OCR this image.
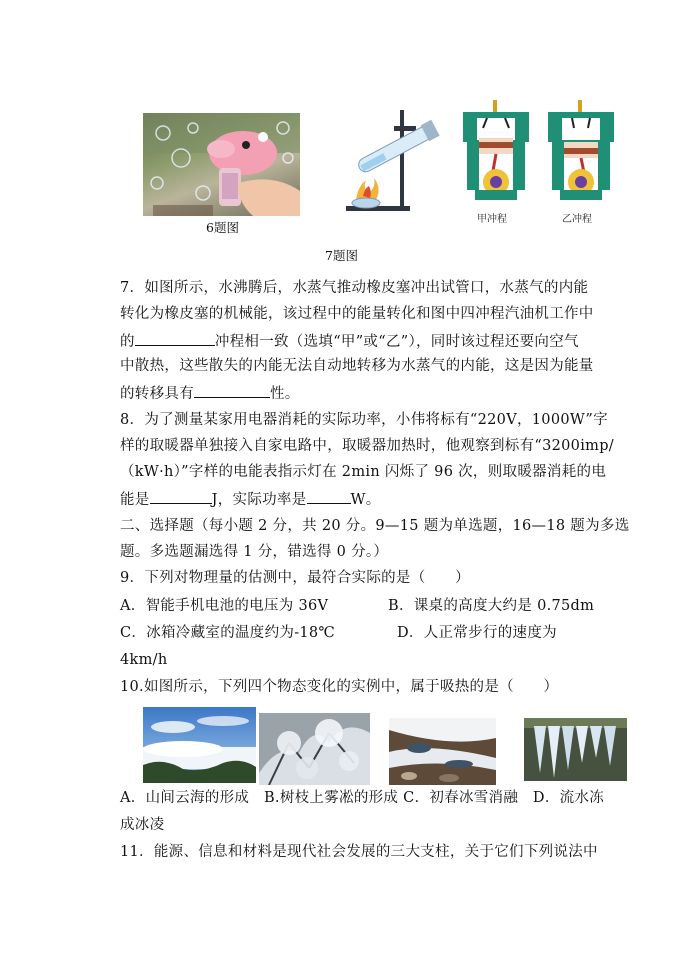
6题图
甲冲程	乙冲程
7题图
7．如图所示，水沸腾后，水蒸气推动橡皮塞冲出试管口，水蒸气的内能
转化为橡皮塞的机械能，该过程中的能量转化和图中四冲程汽油机工作中
的	冲程相一致（选填“甲”或“乙”），同时该过程还要向空气
中散热，这些散失的内能无法自动地转移为水蒸气的内能，这是因为能量
的转移具有	性。
8．为了测量某家用电器消耗的实际功率，小伟将标有“220V，1000W”字
样的取暖器单独接入自家电路中，取暖器加热时，他观察到标有“3200imp/
（kW·h）”字样的电能表指示灯在 2min 闪烁了 96 次，则取暖器消耗的电
能是	J，实际功率是	W。
二、选择题（每小题 2 分，共 20 分。9—15 题为单选题，16—18 题为多选
题。多选题漏选得 1 分，错选得 0 分。）
9．下列对物理量的估测中，最符合实际的是（　　）
A．智能手机电池的电压为 36V	B．课桌的高度大约是 0.75dm
C．冰箱冷藏室的温度约为-18℃	D．人正常步行的速度为
4km/h
10.如图所示，下列四个物态变化的实例中，属于吸热的是（　　）
A．山间云海的形成　B.树枝上雾凇的形成 C．初春冰雪消融　D．流水冻
成冰凌
11．能源、信息和材料是现代社会发展的三大支柱，关于它们下列说法中
